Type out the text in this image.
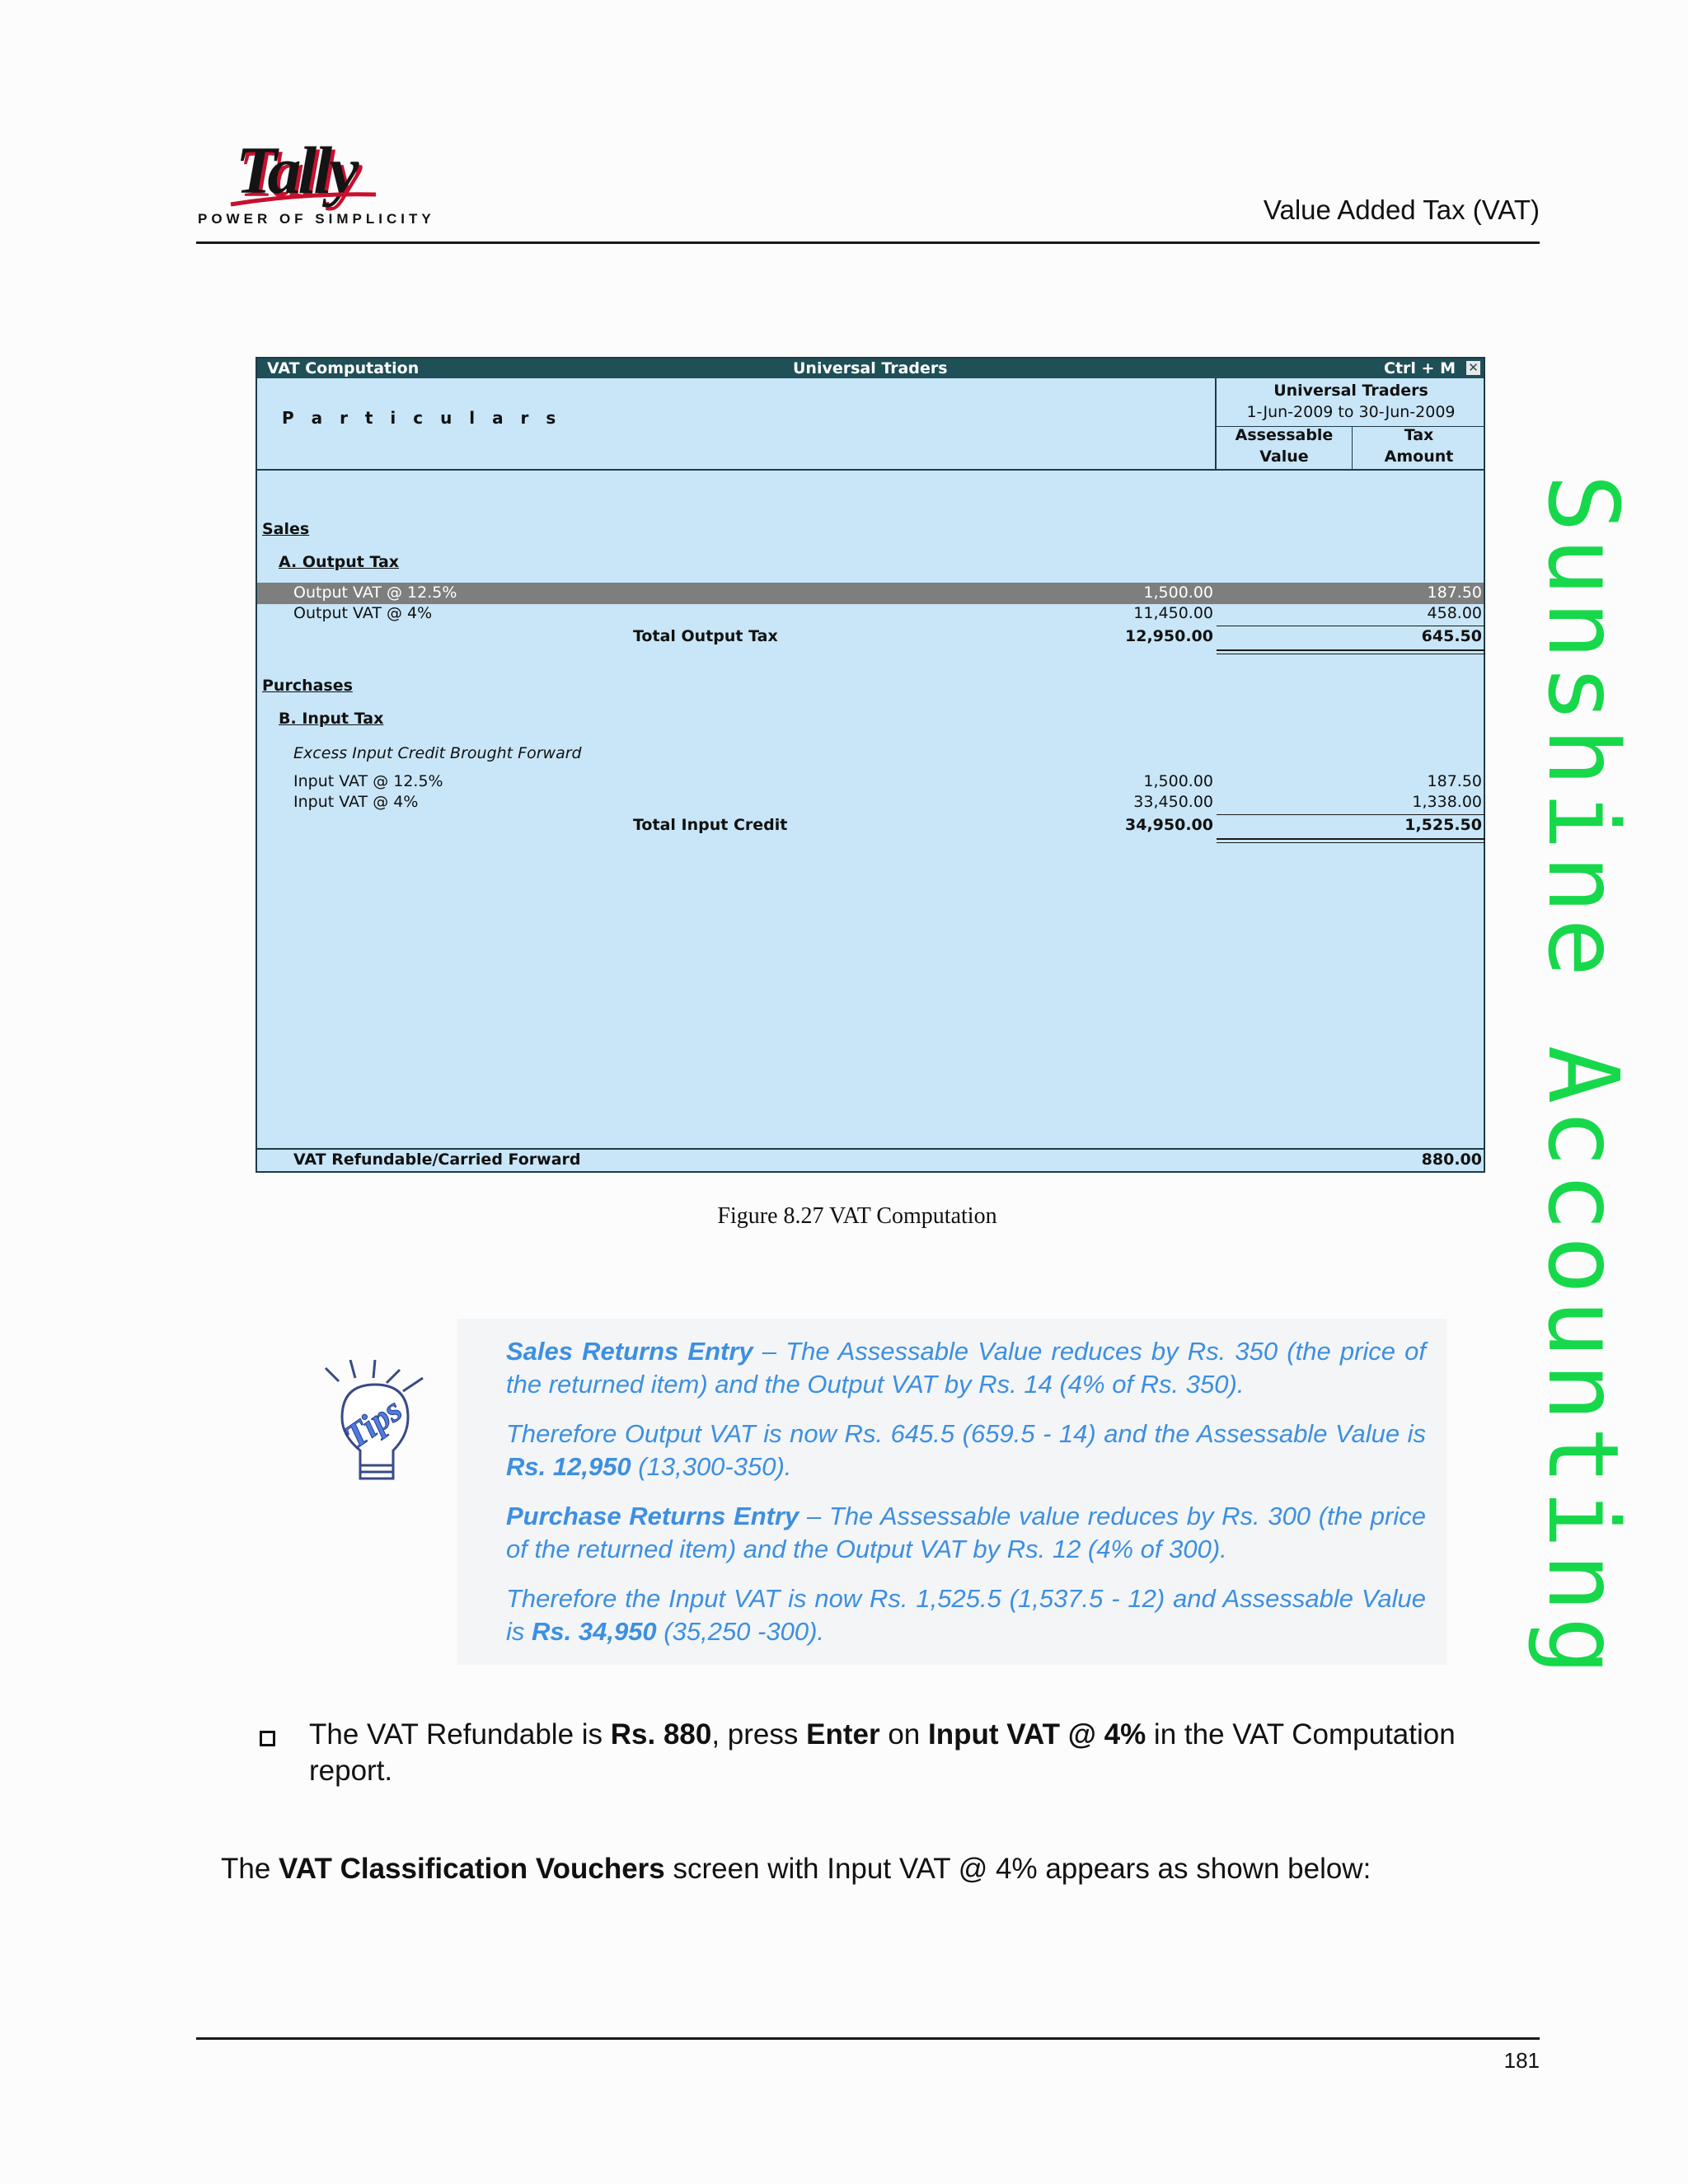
Tally
POWER OF SIMPLICITY	Value Added Tax (VAT)
Sunshine Accounting
VAT Computation	Universal Traders	Ctrl + M ✕
P a r t i c u l a r s
Universal Traders
1-Jun-2009 to 30-Jun-2009
Assessable
Value
Tax
Amount
Sales
A. Output Tax
Output VAT @ 12.5%	1,500.00	187.50
Output VAT @ 4%	11,450.00	458.00
Total Output Tax	12,950.00	645.50
Purchases
B. Input Tax
Excess Input Credit Brought Forward
Input VAT @ 12.5%	1,500.00	187.50
Input VAT @ 4%	33,450.00	1,338.00
Total Input Credit	34,950.00	1,525.50
VAT Refundable/Carried Forward	880.00
Figure 8.27 VAT Computation
Tips
Sales Returns Entry – The Assessable Value reduces by Rs. 350 (the price of the returned item) and the Output VAT by Rs. 14 (4% of Rs. 350).
Therefore Output VAT is now Rs. 645.5 (659.5 - 14) and the Assessable Value is Rs. 12,950 (13,300-350).
Purchase Returns Entry – The Assessable value reduces by Rs. 300 (the price of the returned item) and the Output VAT by Rs. 12 (4% of 300).
Therefore the Input VAT is now Rs. 1,525.5 (1,537.5 - 12) and Assessable Value is Rs. 34,950 (35,250 -300).
The VAT Refundable is Rs. 880, press Enter on Input VAT @ 4% in the VAT Computation report.
The VAT Classification Vouchers screen with Input VAT @ 4% appears as shown below:
181
